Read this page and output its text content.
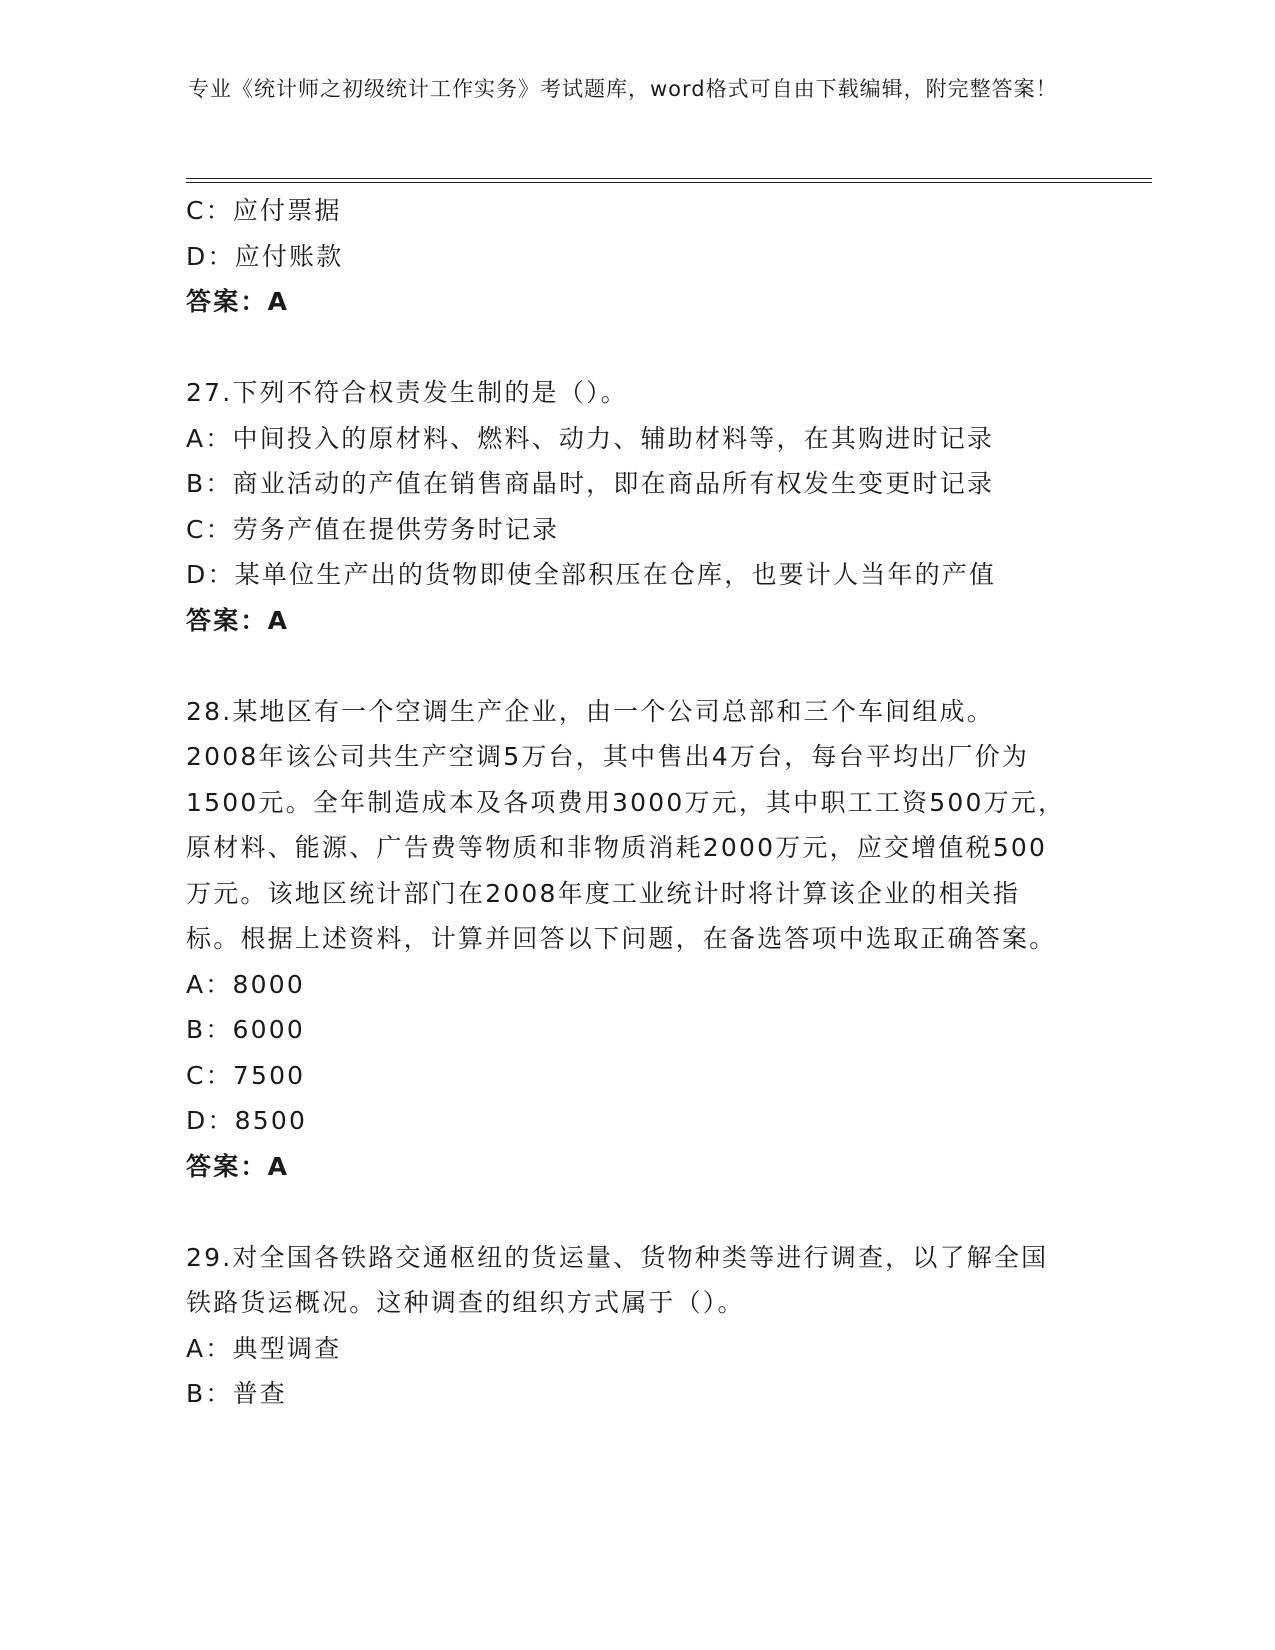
专业《统计师之初级统计工作实务》考试题库，word格式可自由下载编辑，附完整答案！
C：应付票据
D：应付账款
答案：A
27.下列不符合权责发生制的是（）。
A：中间投入的原材料、燃料、动力、辅助材料等，在其购进时记录
B：商业活动的产值在销售商晶时，即在商品所有权发生变更时记录
C：劳务产值在提供劳务时记录
D：某单位生产出的货物即使全部积压在仓库，也要计人当年的产值
答案：A
28.某地区有一个空调生产企业，由一个公司总部和三个车间组成。2008年该公司共生产空调5万台，其中售出4万台，每台平均出厂价为1500元。全年制造成本及各项费用3000万元，其中职工工资500万元，原材料、能源、广告费等物质和非物质消耗2000万元，应交增值税500万元。该地区统计部门在2008年度工业统计时将计算该企业的相关指标。根据上述资料，计算并回答以下问题，在备选答项中选取正确答案。
A：8000
B：6000
C：7500
D：8500
答案：A
29.对全国各铁路交通枢纽的货运量、货物种类等进行调查，以了解全国铁路货运概况。这种调查的组织方式属于（）。
A：典型调查
B：普查
